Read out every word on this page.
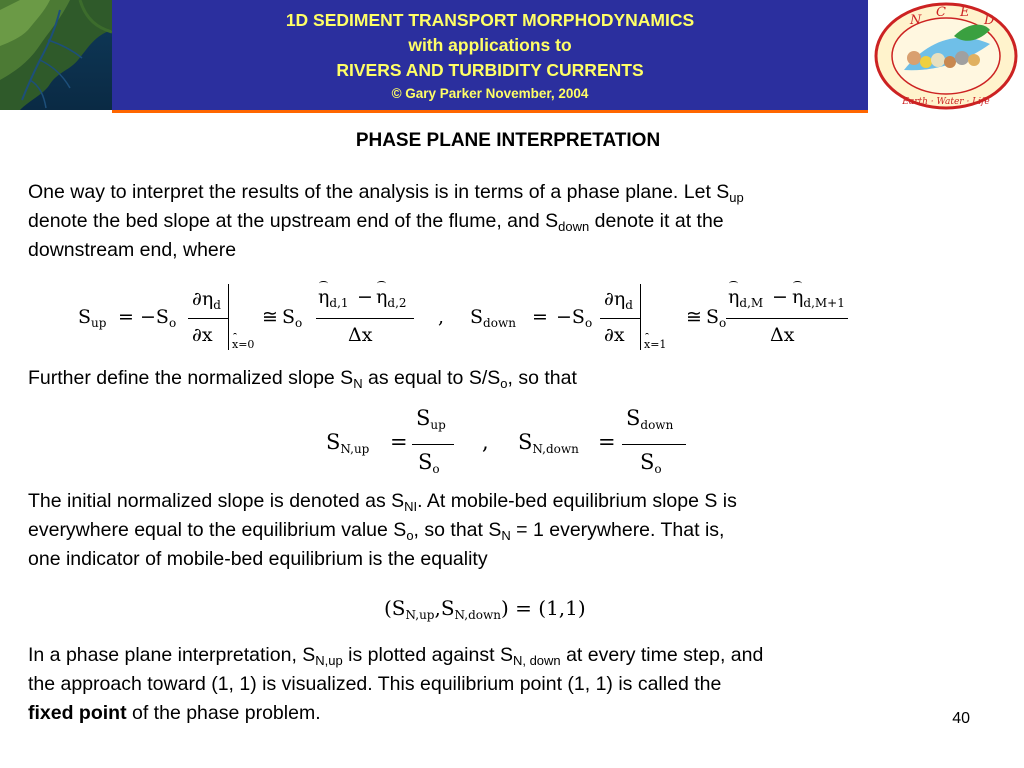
1D SEDIMENT TRANSPORT MORPHODYNAMICS
with applications to
RIVERS AND TURBIDITY CURRENTS
© Gary Parker November, 2004
N
C E
D
Earth · Water · Life
PHASE PLANE INTERPRETATION
One way to interpret the results of the analysis is in terms of a phase plane. Let $S_{up}$
denote the bed slope at the upstream end of the flume, and $S_{down}$ denote it at the
downstream end, where
$S_{up} = -S_o$
$\partial\eta_d$
∂x x=0
≅ $S_o$
$\eta_{d,1} - \eta_{d,2}$
Δx
, $S_{down} = -S_o$
$\partial\eta_d$
∂x x=1
≅ $S_o$
$\eta_{d,M} - \eta_{d,M+1}$
Δx
Further define the normalized slope $S_N$ as equal to $S/S_o$, so that
$S_{N,up}$ =
$S_{up}$
$S_o$
, $S_{N,down}$ =
$S_{down}$
$S_o$
The initial normalized slope is denoted as $S_{NI}$. At mobile-bed equilibrium slope S is
everywhere equal to the equilibrium value $S_o$, so that $S_N = 1$ everywhere. That is,
one indicator of mobile-bed equilibrium is the equality
$(S_{N,up},S_{N,down}) = (1,1)$
In a phase plane interpretation, $S_{N,up}$ is plotted against $S_{N, down}$ at every time step, and
the approach toward (1, 1) is visualized. This equilibrium point (1, 1) is called the
fixed point of the phase problem.	40
